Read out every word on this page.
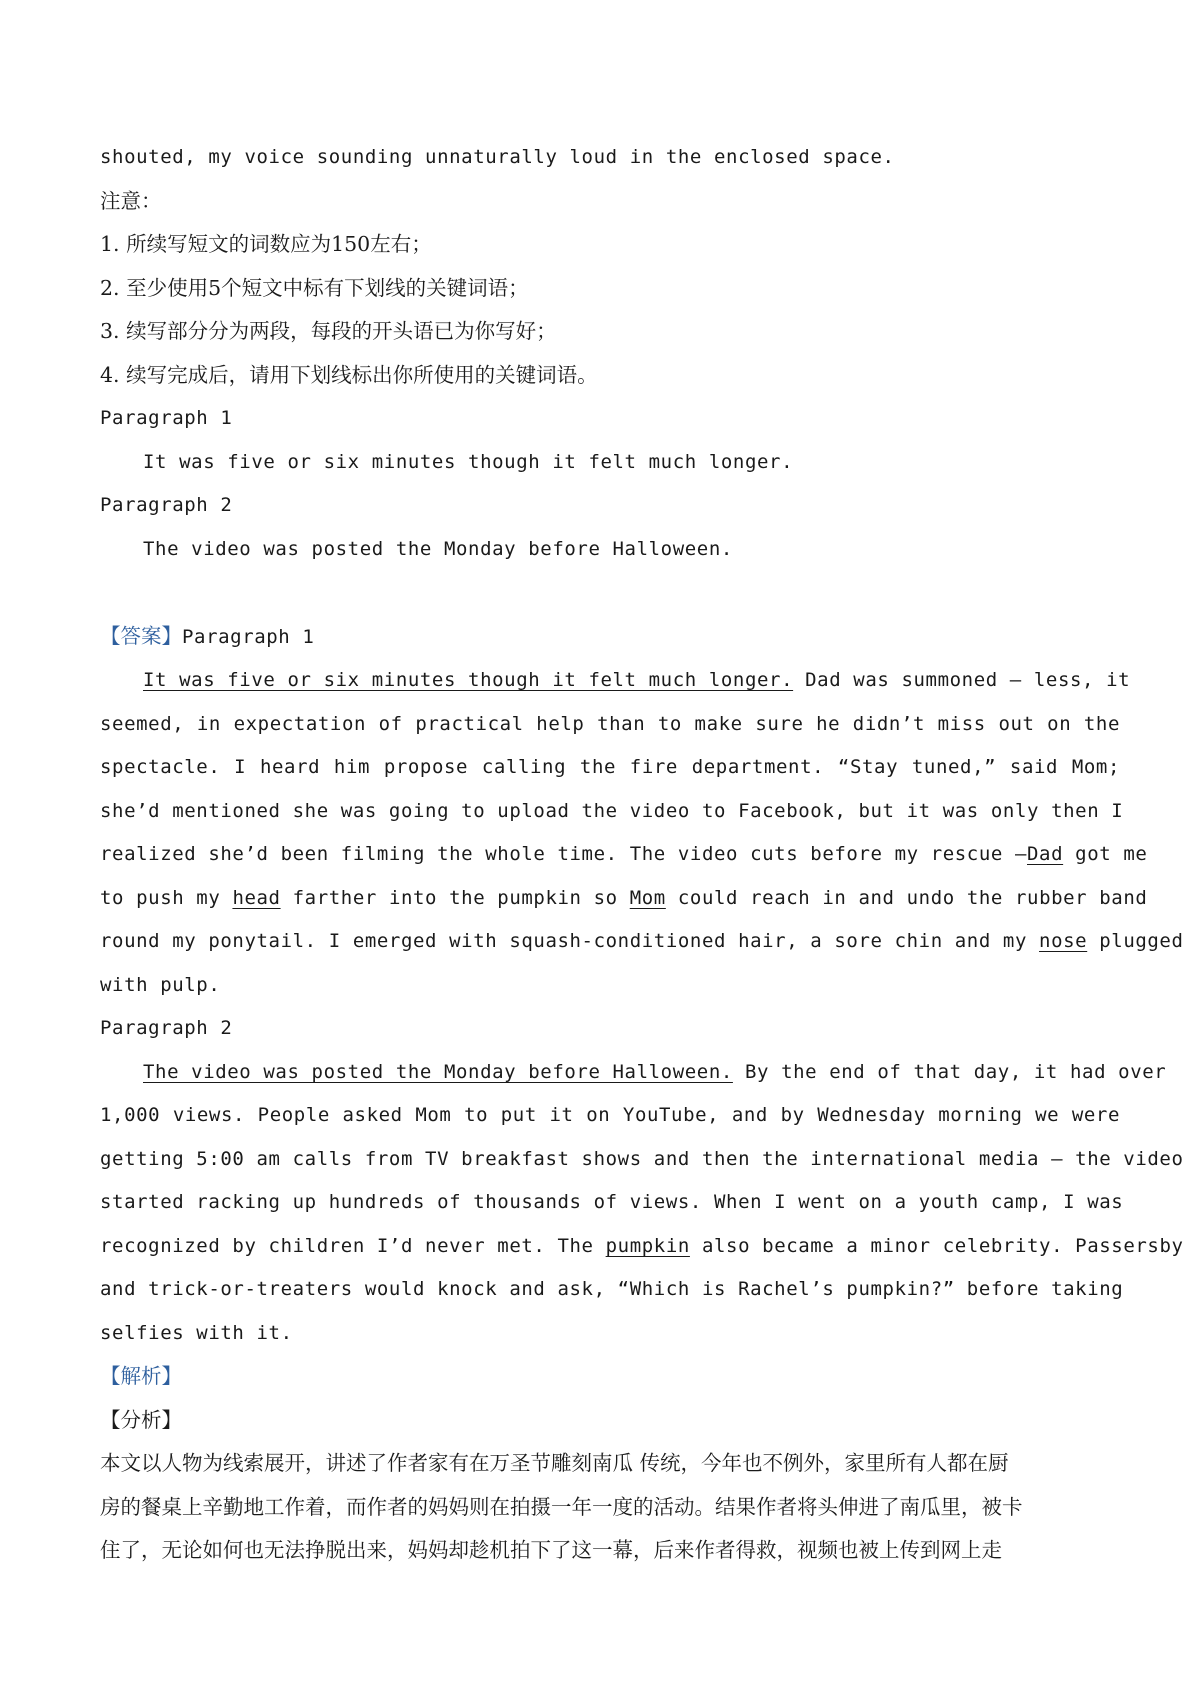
shouted, my voice sounding unnaturally loud in the enclosed space.
注意：
1. 所续写短文的词数应为150左右；
2. 至少使用5个短文中标有下划线的关键词语；
3. 续写部分分为两段，每段的开头语已为你写好；
4. 续写完成后，请用下划线标出你所使用的关键词语。
Paragraph 1
It was five or six minutes though it felt much longer.
Paragraph 2
The video was posted the Monday before Halloween.
【答案】Paragraph 1
It was five or six minutes though it felt much longer. Dad was summoned – less, it
seemed, in expectation of practical help than to make sure he didn’t miss out on the
spectacle. I heard him propose calling the fire department. “Stay tuned,” said Mom;
she’d mentioned she was going to upload the video to Facebook, but it was only then I
realized she’d been filming the whole time. The video cuts before my rescue —Dad got me
to push my head farther into the pumpkin so Mom could reach in and undo the rubber band
round my ponytail. I emerged with squash-conditioned hair, a sore chin and my nose plugged
with pulp.
Paragraph 2
The video was posted the Monday before Halloween. By the end of that day, it had over
1,000 views. People asked Mom to put it on YouTube, and by Wednesday morning we were
getting 5:00 am calls from TV breakfast shows and then the international media – the video
started racking up hundreds of thousands of views. When I went on a youth camp, I was
recognized by children I’d never met. The pumpkin also became a minor celebrity. Passersby
and trick-or-treaters would knock and ask, “Which is Rachel’s pumpkin?” before taking
selfies with it.
【解析】
【分析】
本文以人物为线索展开，讲述了作者家有在万圣节雕刻南瓜 传统，今年也不例外，家里所有人都在厨
房的餐桌上辛勤地工作着，而作者的妈妈则在拍摄一年一度的活动。结果作者将头伸进了南瓜里，被卡
住了，无论如何也无法挣脱出来，妈妈却趁机拍下了这一幕，后来作者得救，视频也被上传到网上走
